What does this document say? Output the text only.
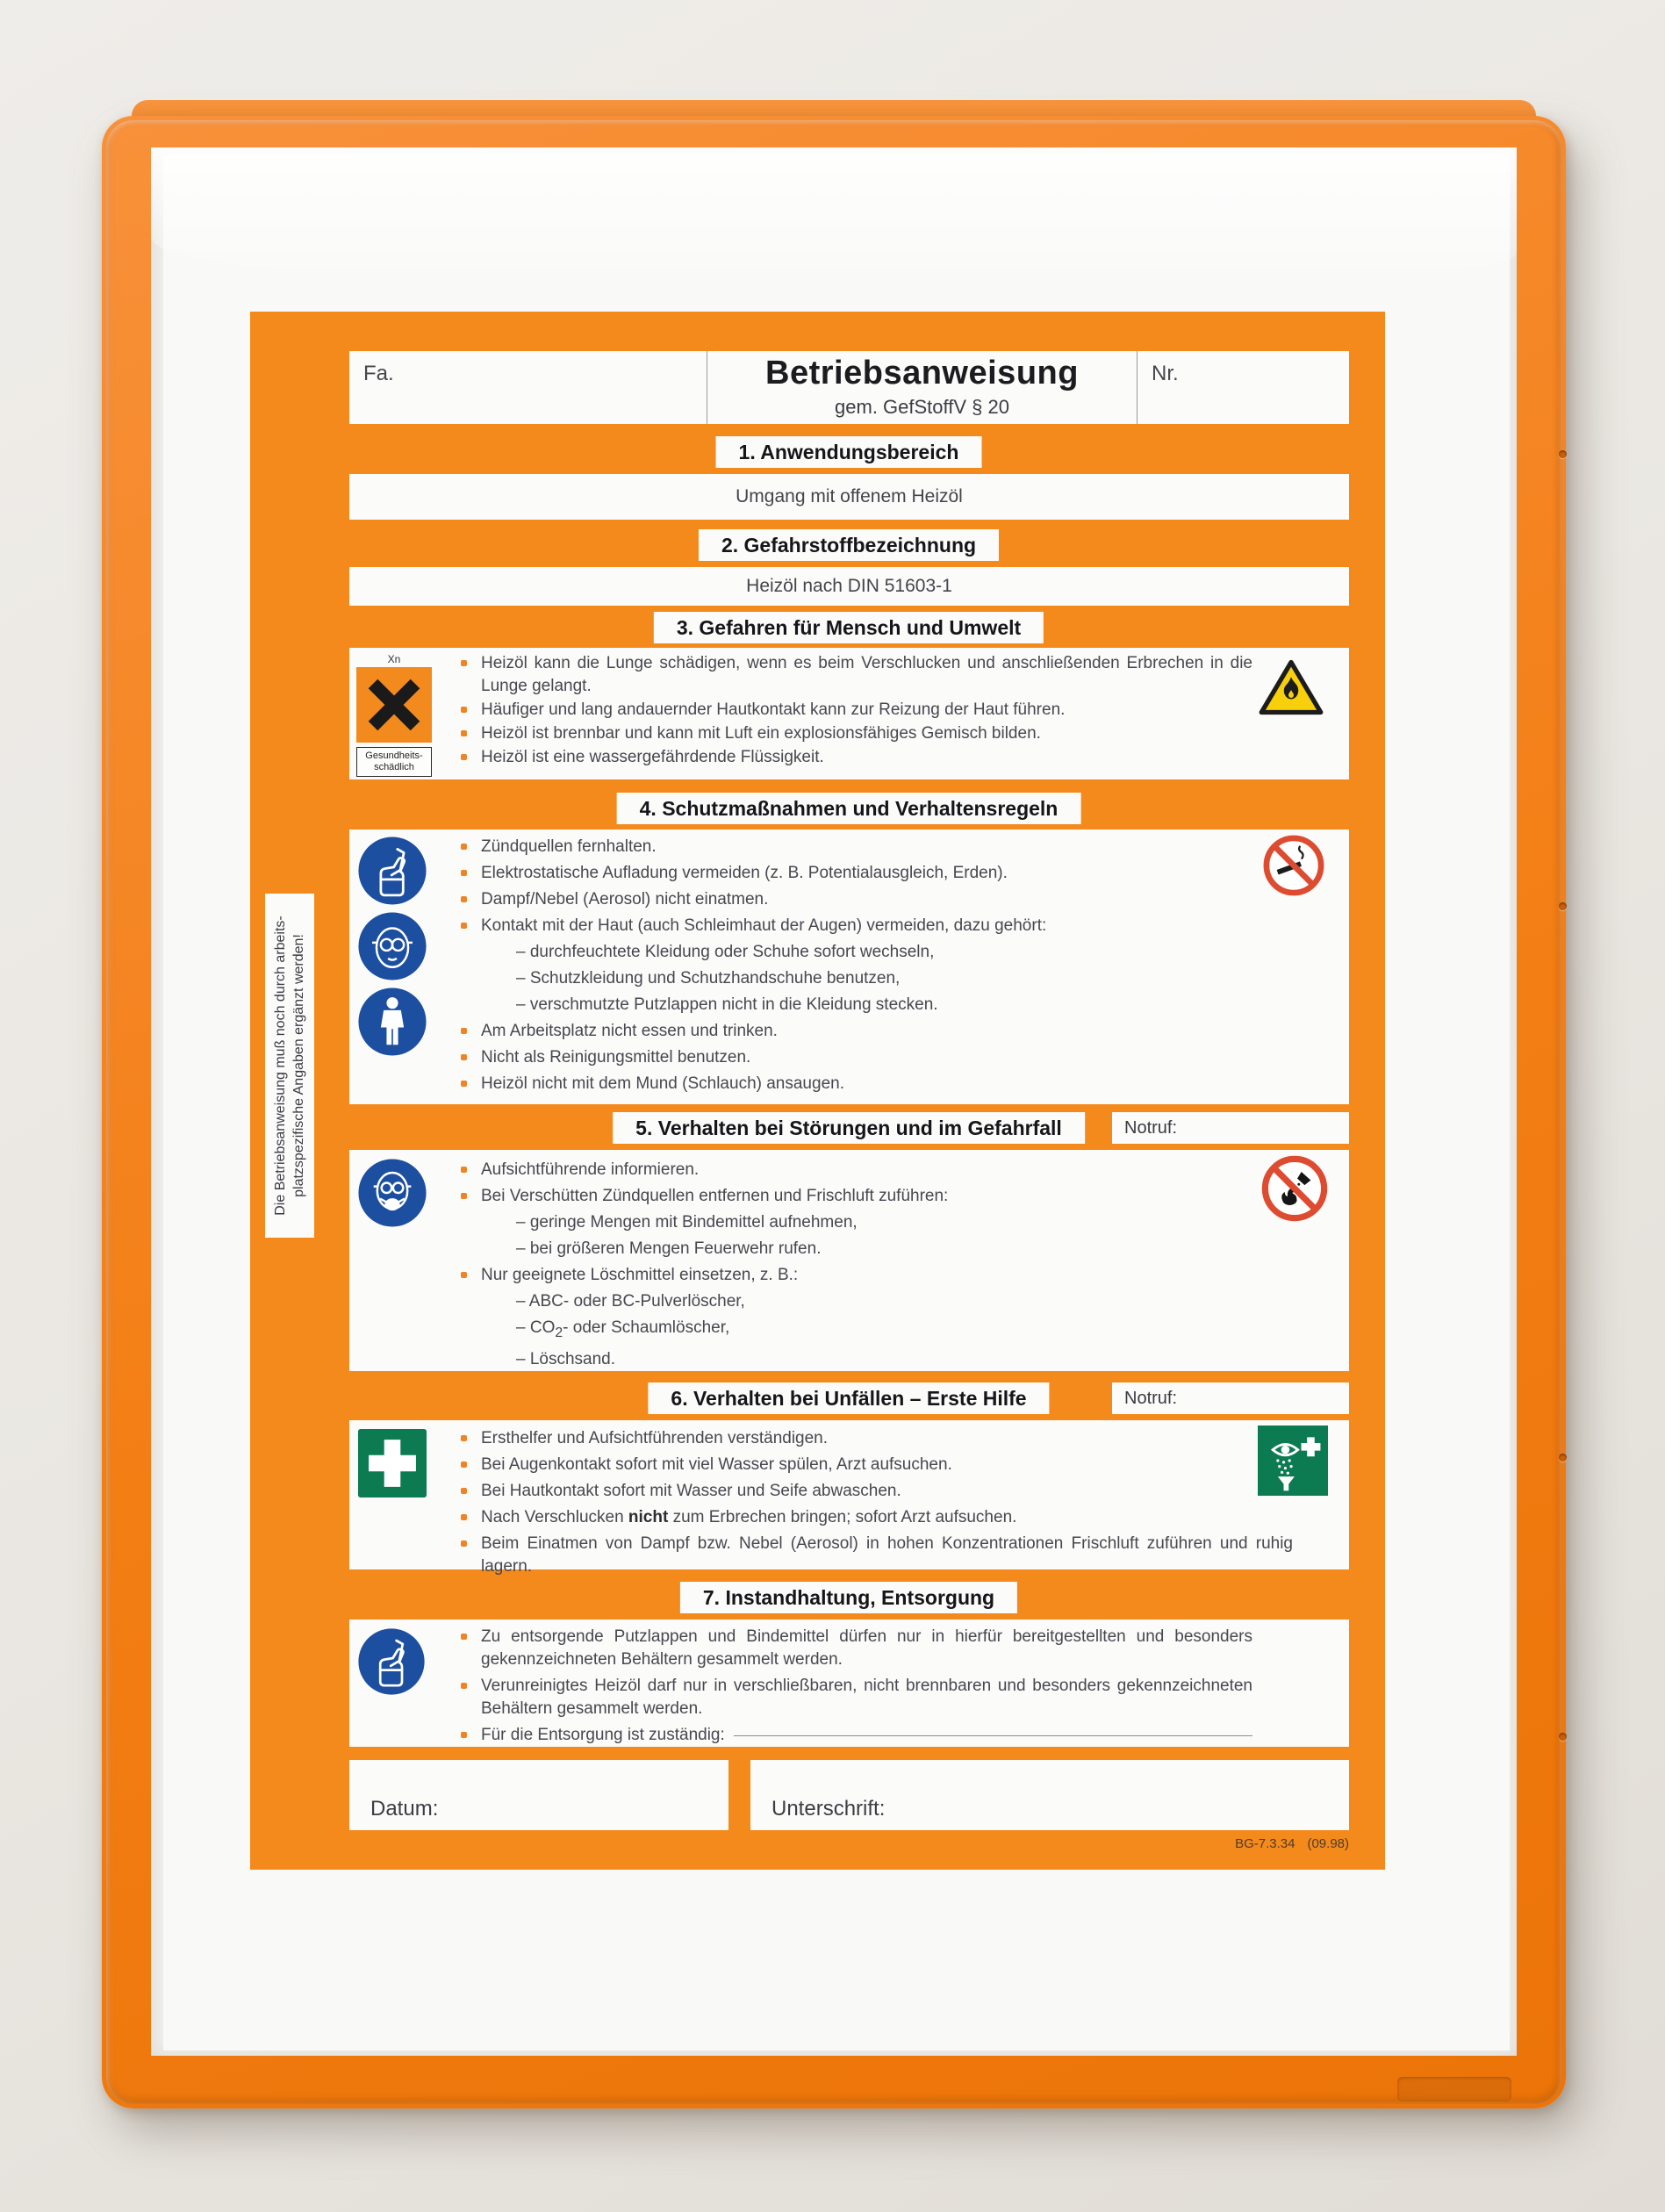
Fa.	Betriebsanweisung
gem. GefStoffV § 20
Nr.
Die Betriebsanweisung muß noch durch arbeits- platzspezifische Angaben ergänzt werden!
1. Anwendungsbereich
Umgang mit offenem Heizöl
2. Gefahrstoffbezeichnung
Heizöl nach DIN 51603-1
3. Gefahren für Mensch und Umwelt
Xn
Gesundheits-
schädlich
Heizöl kann die Lunge schädigen, wenn es beim Verschlucken und anschließenden Erbrechen in die Lunge gelangt.
Häufiger und lang andauernder Hautkontakt kann zur Reizung der Haut führen.
Heizöl ist brennbar und kann mit Luft ein explosionsfähiges Gemisch bilden.
Heizöl ist eine wassergefährdende Flüssigkeit.
4. Schutzmaßnahmen und Verhaltensregeln
Zündquellen fernhalten.
Elektrostatische Aufladung vermeiden (z. B. Potentialausgleich, Erden).
Dampf/Nebel (Aerosol) nicht einatmen.
Kontakt mit der Haut (auch Schleimhaut der Augen) vermeiden, dazu gehört:
– durchfeuchtete Kleidung oder Schuhe sofort wechseln,
– Schutzkleidung und Schutzhandschuhe benutzen,
– verschmutzte Putzlappen nicht in die Kleidung stecken.
Am Arbeitsplatz nicht essen und trinken.
Nicht als Reinigungsmittel benutzen.
Heizöl nicht mit dem Mund (Schlauch) ansaugen.
5. Verhalten bei Störungen und im Gefahrfall	Notruf:
Aufsichtführende informieren.
Bei Verschütten Zündquellen entfernen und Frischluft zuführen:
– geringe Mengen mit Bindemittel aufnehmen,
– bei größeren Mengen Feuerwehr rufen.
Nur geeignete Löschmittel einsetzen, z. B.:
– ABC- oder BC-Pulverlöscher,
– $CO_2-$ oder Schaumlöscher,
– Löschsand.
6. Verhalten bei Unfällen – Erste Hilfe	Notruf:
Ersthelfer und Aufsichtführenden verständigen.
Bei Augenkontakt sofort mit viel Wasser spülen, Arzt aufsuchen.
Bei Hautkontakt sofort mit Wasser und Seife abwaschen.
Nach Verschlucken nicht zum Erbrechen bringen; sofort Arzt aufsuchen.
Beim Einatmen von Dampf bzw. Nebel (Aerosol) in hohen Konzentrationen Frischluft zuführen und ruhig lagern.
7. Instandhaltung, Entsorgung
Zu entsorgende Putzlappen und Bindemittel dürfen nur in hierfür bereitgestellten und besonders gekennzeichneten Behältern gesammelt werden.
Verunreinigtes Heizöl darf nur in verschließbaren, nicht brennbaren und besonders gekennzeichneten Behältern gesammelt werden.
Für die Entsorgung ist zuständig:
Datum:	Unterschrift:
BG-7.3.34 (09.98)
